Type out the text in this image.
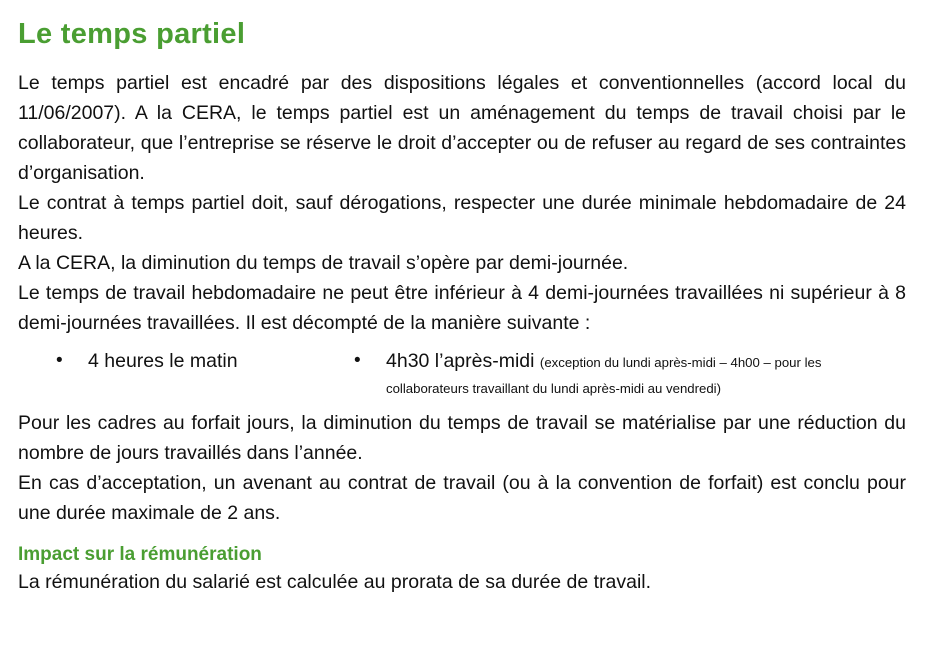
Le temps partiel

Le temps partiel est encadré par des dispositions légales et conventionnelles (accord local du 11/06/2007). A la CERA, le temps partiel est un aménagement du temps de travail choisi par le collaborateur, que l’entreprise se réserve le droit d’accepter ou de refuser au regard de ses contraintes d’organisation.

Le contrat à temps partiel doit, sauf dérogations, respecter une durée minimale hebdomadaire de 24 heures.

A la CERA, la diminution du temps de travail s’opère par demi-journée.

Le temps de travail hebdomadaire ne peut être inférieur à 4 demi-journées travaillées ni supérieur à 8 demi-journées travaillées. Il est décompté de la manière suivante :

•	4 heures le matin	•	4h30 l’après-midi (exception du lundi après-midi – 4h00 – pour les collaborateurs travaillant du lundi après-midi au vendredi)

Pour les cadres au forfait jours, la diminution du temps de travail se matérialise par une réduction du nombre de jours travaillés dans l’année.

En cas d’acceptation, un avenant au contrat de travail (ou à la convention de forfait) est conclu pour une durée maximale de 2 ans.

Impact sur la rémunération

La rémunération du salarié est calculée au prorata de sa durée de travail.
